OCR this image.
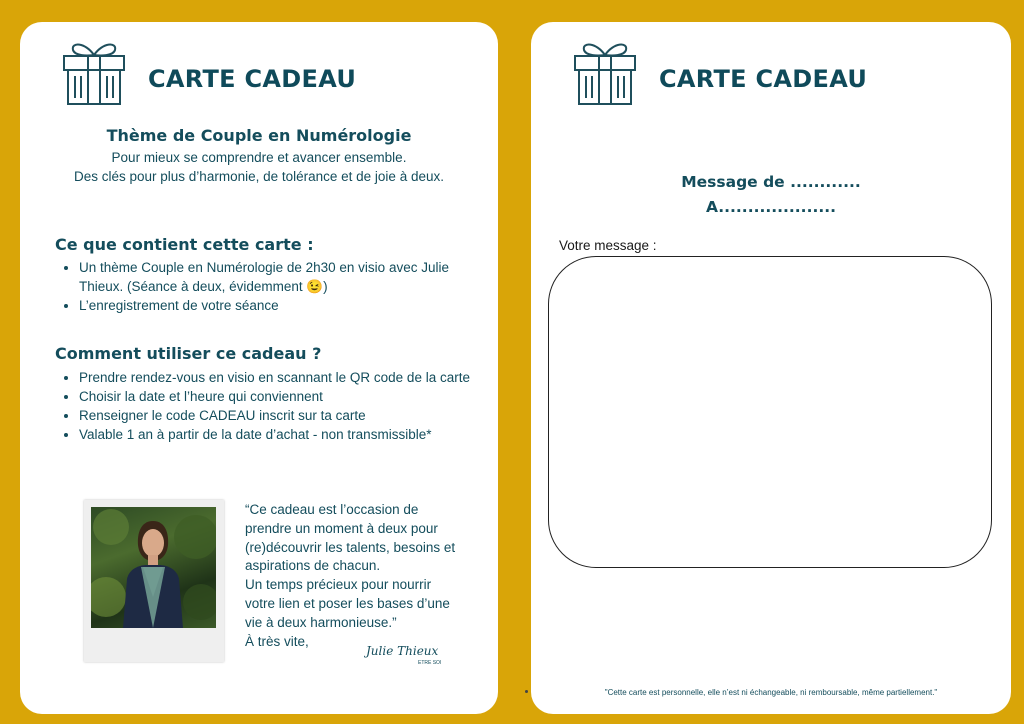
CARTE CADEAU
Thème de Couple en Numérologie
Pour mieux se comprendre et avancer ensemble.
Des clés pour plus d’harmonie, de tolérance et de joie à deux.
Ce que contient cette carte :
• Un thème Couple en Numérologie de 2h30 en visio avec Julie Thieux. (Séance à deux, évidemment 😉)
• L’enregistrement de votre séance
Comment utiliser ce cadeau ?
• Prendre rendez-vous en visio en scannant le QR code de la carte
• Choisir la date et l’heure qui conviennent
• Renseigner le code CADEAU inscrit sur ta carte
• Valable 1 an à partir de la date d’achat - non transmissible*
“Ce cadeau est l’occasion de
prendre un moment à deux pour
(re)découvrir les talents, besoins et
aspirations de chacun.
Un temps précieux pour nourrir
votre lien et poser les bases d’une
vie à deux harmonieuse.”
À très vite,
Julie Thieux
ETRE SOI
CARTE CADEAU
Message de ............
A....................
Votre message :
"Cette carte est personnelle, elle n’est ni échangeable, ni remboursable, même partiellement."
